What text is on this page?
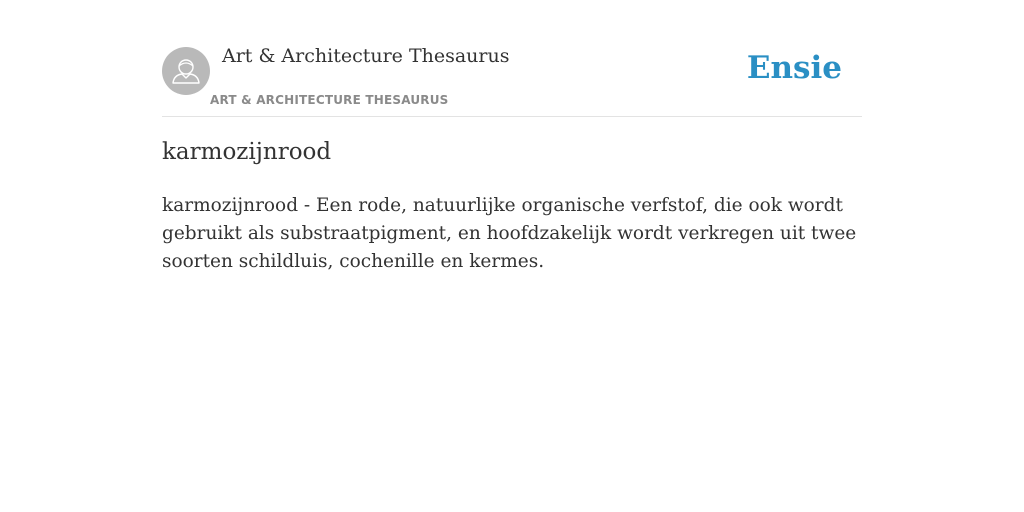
Art & Architecture Thesaurus
ART & ARCHITECTURE THESAURUS
Ensie
karmozijnrood

karmozijnrood - Een rode, natuurlijke organische verfstof, die ook wordt gebruikt als substraatpigment, en hoofdzakelijk wordt verkregen uit twee soorten schildluis, cochenille en kermes.
